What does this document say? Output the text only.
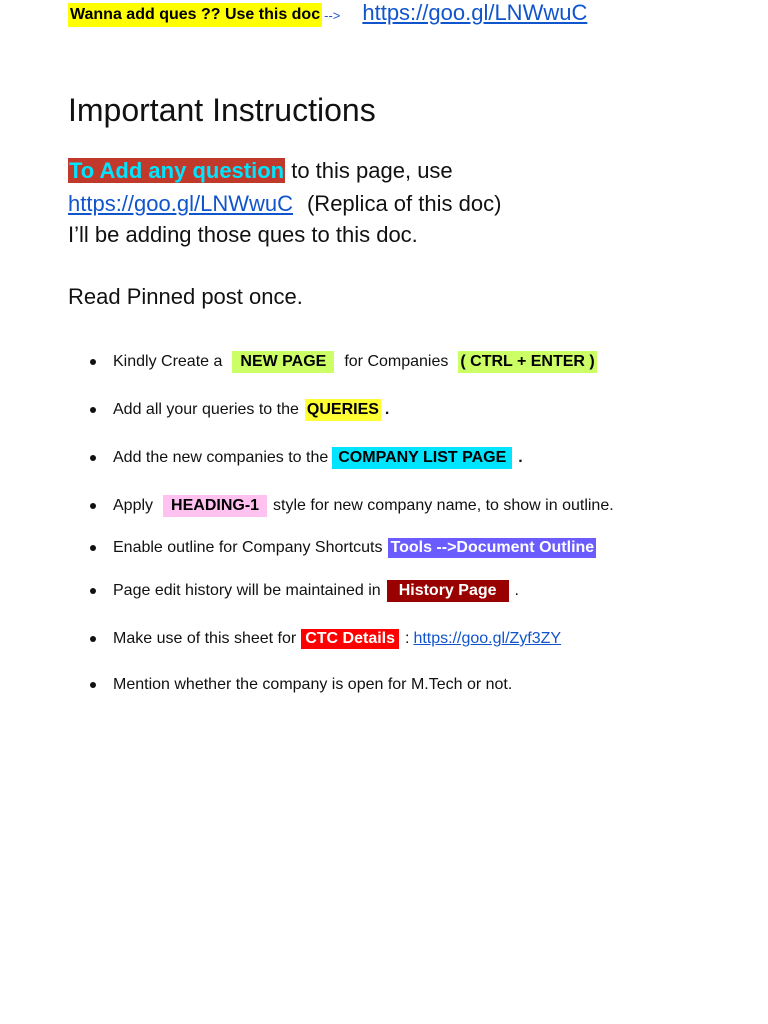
Wanna add ques ?? Use this doc --> https://goo.gl/LNWwuC
Important Instructions

To Add any question to this page, use

https://goo.gl/LNWwuC (Replica of this doc)

I’ll be adding those ques to this doc.

Read Pinned post once.

Kindly Create a	NEW PAGE	for Companies ( CTRL + ENTER )
Add all your queries to the QUERIES .
Add the new companies to the COMPANY LIST PAGE .
Apply	HEADING-1 style for new company name, to show in outline.
Enable outline for Company Shortcuts Tools -->Document Outline
Page edit history will be maintained in	History Page	.
Make use of this sheet for CTC Details : https://goo.gl/Zyf3ZY
Mention whether the company is open for M.Tech or not.
